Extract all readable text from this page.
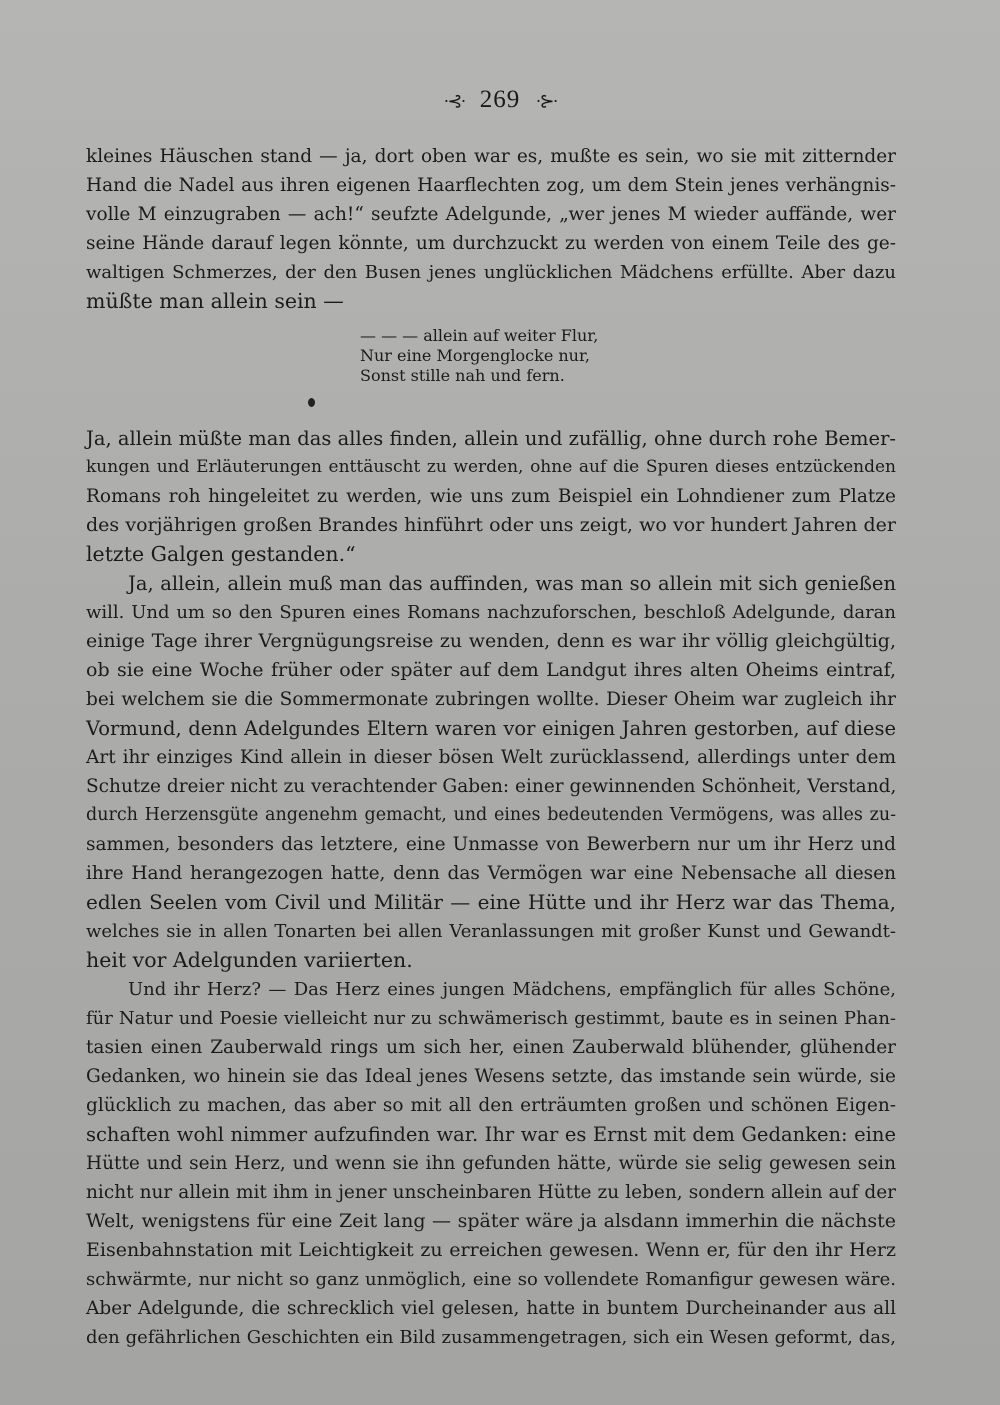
·⊰· 269 ·⊱·
kleines Häuschen stand — ja, dort oben war es, mußte es sein, wo sie mit zitternder
Hand die Nadel aus ihren eigenen Haarflechten zog, um dem Stein jenes verhängnis-
volle M einzugraben — ach!“ seufzte Adelgunde, „wer jenes M wieder auffände, wer
seine Hände darauf legen könnte, um durchzuckt zu werden von einem Teile des ge-
waltigen Schmerzes, der den Busen jenes unglücklichen Mädchens erfüllte. Aber dazu
müßte man allein sein —
— — — allein auf weiter Flur,
Nur eine Morgenglocke nur,
Sonst stille nah und fern.
Ja, allein müßte man das alles finden, allein und zufällig, ohne durch rohe Bemer-
kungen und Erläuterungen enttäuscht zu werden, ohne auf die Spuren dieses entzückenden
Romans roh hingeleitet zu werden, wie uns zum Beispiel ein Lohndiener zum Platze
des vorjährigen großen Brandes hinführt oder uns zeigt, wo vor hundert Jahren der
letzte Galgen gestanden.“
Ja, allein, allein muß man das auffinden, was man so allein mit sich genießen
will. Und um so den Spuren eines Romans nachzuforschen, beschloß Adelgunde, daran
einige Tage ihrer Vergnügungsreise zu wenden, denn es war ihr völlig gleichgültig,
ob sie eine Woche früher oder später auf dem Landgut ihres alten Oheims eintraf,
bei welchem sie die Sommermonate zubringen wollte. Dieser Oheim war zugleich ihr
Vormund, denn Adelgundes Eltern waren vor einigen Jahren gestorben, auf diese
Art ihr einziges Kind allein in dieser bösen Welt zurücklassend, allerdings unter dem
Schutze dreier nicht zu verachtender Gaben: einer gewinnenden Schönheit, Verstand,
durch Herzensgüte angenehm gemacht, und eines bedeutenden Vermögens, was alles zu-
sammen, besonders das letztere, eine Unmasse von Bewerbern nur um ihr Herz und
ihre Hand herangezogen hatte, denn das Vermögen war eine Nebensache all diesen
edlen Seelen vom Civil und Militär — eine Hütte und ihr Herz war das Thema,
welches sie in allen Tonarten bei allen Veranlassungen mit großer Kunst und Gewandt-
heit vor Adelgunden variierten.
Und ihr Herz? — Das Herz eines jungen Mädchens, empfänglich für alles Schöne,
für Natur und Poesie vielleicht nur zu schwämerisch gestimmt, baute es in seinen Phan-
tasien einen Zauberwald rings um sich her, einen Zauberwald blühender, glühender
Gedanken, wo hinein sie das Ideal jenes Wesens setzte, das imstande sein würde, sie
glücklich zu machen, das aber so mit all den erträumten großen und schönen Eigen-
schaften wohl nimmer aufzufinden war. Ihr war es Ernst mit dem Gedanken: eine
Hütte und sein Herz, und wenn sie ihn gefunden hätte, würde sie selig gewesen sein
nicht nur allein mit ihm in jener unscheinbaren Hütte zu leben, sondern allein auf der
Welt, wenigstens für eine Zeit lang — später wäre ja alsdann immerhin die nächste
Eisenbahnstation mit Leichtigkeit zu erreichen gewesen. Wenn er, für den ihr Herz
schwärmte, nur nicht so ganz unmöglich, eine so vollendete Romanfigur gewesen wäre.
Aber Adelgunde, die schrecklich viel gelesen, hatte in buntem Durcheinander aus all
den gefährlichen Geschichten ein Bild zusammengetragen, sich ein Wesen geformt, das,
